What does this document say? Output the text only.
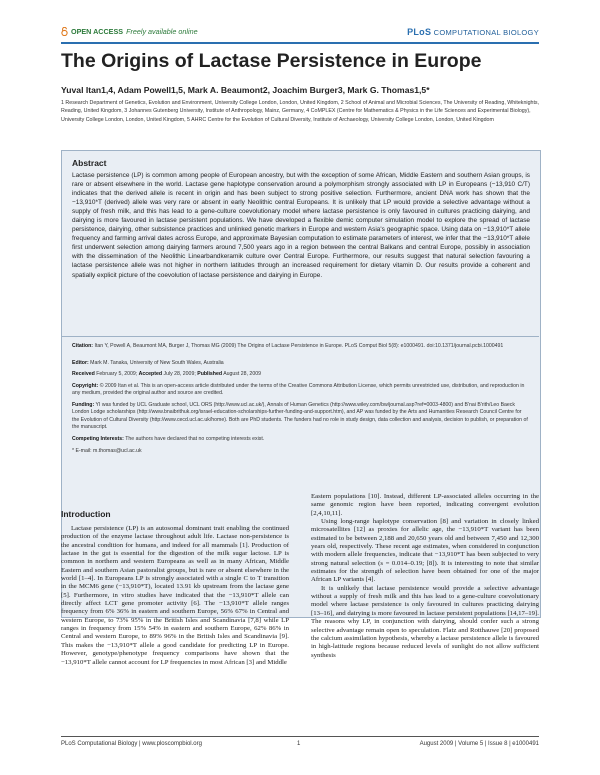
OPEN ACCESS Freely available online	PLoS COMPUTATIONAL BIOLOGY
The Origins of Lactase Persistence in Europe
Yuval Itan1,4, Adam Powell1,5, Mark A. Beaumont2, Joachim Burger3, Mark G. Thomas1,5*
1 Research Department of Genetics, Evolution and Environment, University College London, London, United Kingdom, 2 School of Animal and Microbial Sciences, The University of Reading, Whiteknights, Reading, United Kingdom, 3 Johannes Gutenberg University, Institute of Anthropology, Mainz, Germany, 4 CoMPLEX (Centre for Mathematics & Physics in the Life Sciences and Experimental Biology), University College London, London, United Kingdom, 5 AHRC Centre for the Evolution of Cultural Diversity, Institute of Archaeology, University College London, London, United Kingdom
Abstract
Lactase persistence (LP) is common among people of European ancestry, but with the exception of some African, Middle Eastern and southern Asian groups, is rare or absent elsewhere in the world. Lactase gene haplotype conservation around a polymorphism strongly associated with LP in Europeans (−13,910 C/T) indicates that the derived allele is recent in origin and has been subject to strong positive selection. Furthermore, ancient DNA work has shown that the −13,910*T (derived) allele was very rare or absent in early Neolithic central Europeans. It is unlikely that LP would provide a selective advantage without a supply of fresh milk, and this has lead to a gene-culture coevolutionary model where lactase persistence is only favoured in cultures practicing dairying, and dairying is more favoured in lactase persistent populations. We have developed a flexible demic computer simulation model to explore the spread of lactase persistence, dairying, other subsistence practices and unlinked genetic markers in Europe and western Asia's geographic space. Using data on −13,910*T allele frequency and farming arrival dates across Europe, and approximate Bayesian computation to estimate parameters of interest, we infer that the −13,910*T allele first underwent selection among dairying farmers around 7,500 years ago in a region between the central Balkans and central Europe, possibly in association with the dissemination of the Neolithic Linearbandkeramik culture over Central Europe. Furthermore, our results suggest that natural selection favouring a lactase persistence allele was not higher in northern latitudes through an increased requirement for dietary vitamin D. Our results provide a coherent and spatially explicit picture of the coevolution of lactase persistence and dairying in Europe.
Citation: Itan Y, Powell A, Beaumont MA, Burger J, Thomas MG (2009) The Origins of Lactase Persistence in Europe. PLoS Comput Biol 5(8): e1000491. doi:10.1371/journal.pcbi.1000491
Editor: Mark M. Tanaka, University of New South Wales, Australia
Received February 5, 2009; Accepted July 28, 2009; Published August 28, 2009
Copyright: © 2009 Itan et al. This is an open-access article distributed under the terms of the Creative Commons Attribution License, which permits unrestricted use, distribution, and reproduction in any medium, provided the original author and source are credited.
Funding: YI was funded by UCL Graduate school, UCL ORS (http://www.ucl.ac.uk/), Annals of Human Genetics (http://www.wiley.com/bw/journal.asp?ref=0003-4800) and B'nai B'rith/Leo Baeck London Lodge scholarships (http://www.bnaibrithuk.org/israel-education-scholarships-further-funding-and-support.htm), and AP was funded by the Arts and Humanities Research Council Centre for the Evolution of Cultural Diversity (http://www.cecd.ucl.ac.uk/home). Both are PhD students. The funders had no role in study design, data collection and analysis, decision to publish, or preparation of the manuscript.
Competing Interests: The authors have declared that no competing interests exist.
* E-mail: m.thomas@ucl.ac.uk
Introduction

Lactase persistence (LP) is an autosomal dominant trait enabling the continued production of the enzyme lactase throughout adult life. Lactase non-persistence is the ancestral condition for humans, and indeed for all mammals [1]. Production of lactase in the gut is essential for the digestion of the milk sugar lactose. LP is common in northern and western Europeans as well as in many African, Middle Eastern and southern Asian pastoralist groups, but is rare or absent elsewhere in the world [1–4]. In Europeans LP is strongly associated with a single C to T transition in the MCM6 gene (−13,910*T), located 13.91 kb upstream from the lactase gene [5]. Furthermore, in vitro studies have indicated that the −13,910*T allele can directly affect LCT gene promoter activity [6]. The −13,910*T allele ranges frequency from 6% 36% in eastern and southern Europe, 56% 67% in Central and western Europe, to 73% 95% in the British Isles and Scandinavia [7,8] while LP ranges in frequency from 15% 54% in eastern and southern Europe, 62% 86% in Central and western Europe, to 89% 96% in the British Isles and Scandinavia [9]. This makes the −13,910*T allele a good candidate for predicting LP in Europe. However, genotype/phenotype frequency comparisons have shown that the −13,910*T allele cannot account for LP frequencies in most African [3] and Middle

Eastern populations [10]. Instead, different LP-associated alleles occurring in the same genomic region have been reported, indicating convergent evolution [2,4,10,11].

Using long-range haplotype conservation [8] and variation in closely linked microsatellites [12] as proxies for allelic age, the −13,910*T variant has been estimated to be between 2,188 and 20,650 years old and between 7,450 and 12,300 years old, respectively. These recent age estimates, when considered in conjunction with modern allele frequencies, indicate that −13,910*T has been subjected to very strong natural selection (s = 0.014–0.19; [8]). It is interesting to note that similar estimates for the strength of selection have been obtained for one of the major African LP variants [4].

It is unlikely that lactase persistence would provide a selective advantage without a supply of fresh milk and this has lead to a gene-culture coevolutionary model where lactase persistence is only favoured in cultures practicing dairying [13–16], and dairying is more favoured in lactase persistent populations [14,17–19]. The reasons why LP, in conjunction with dairying, should confer such a strong selective advantage remain open to speculation. Flatz and Rotthauwe [20] proposed the calcium assimilation hypothesis, whereby a lactase persistence allele is favoured in high-latitude regions because reduced levels of sunlight do not allow sufficient synthesis

PLoS Computational Biology | www.ploscompbiol.org	1	August 2009 | Volume 5 | Issue 8 | e1000491
